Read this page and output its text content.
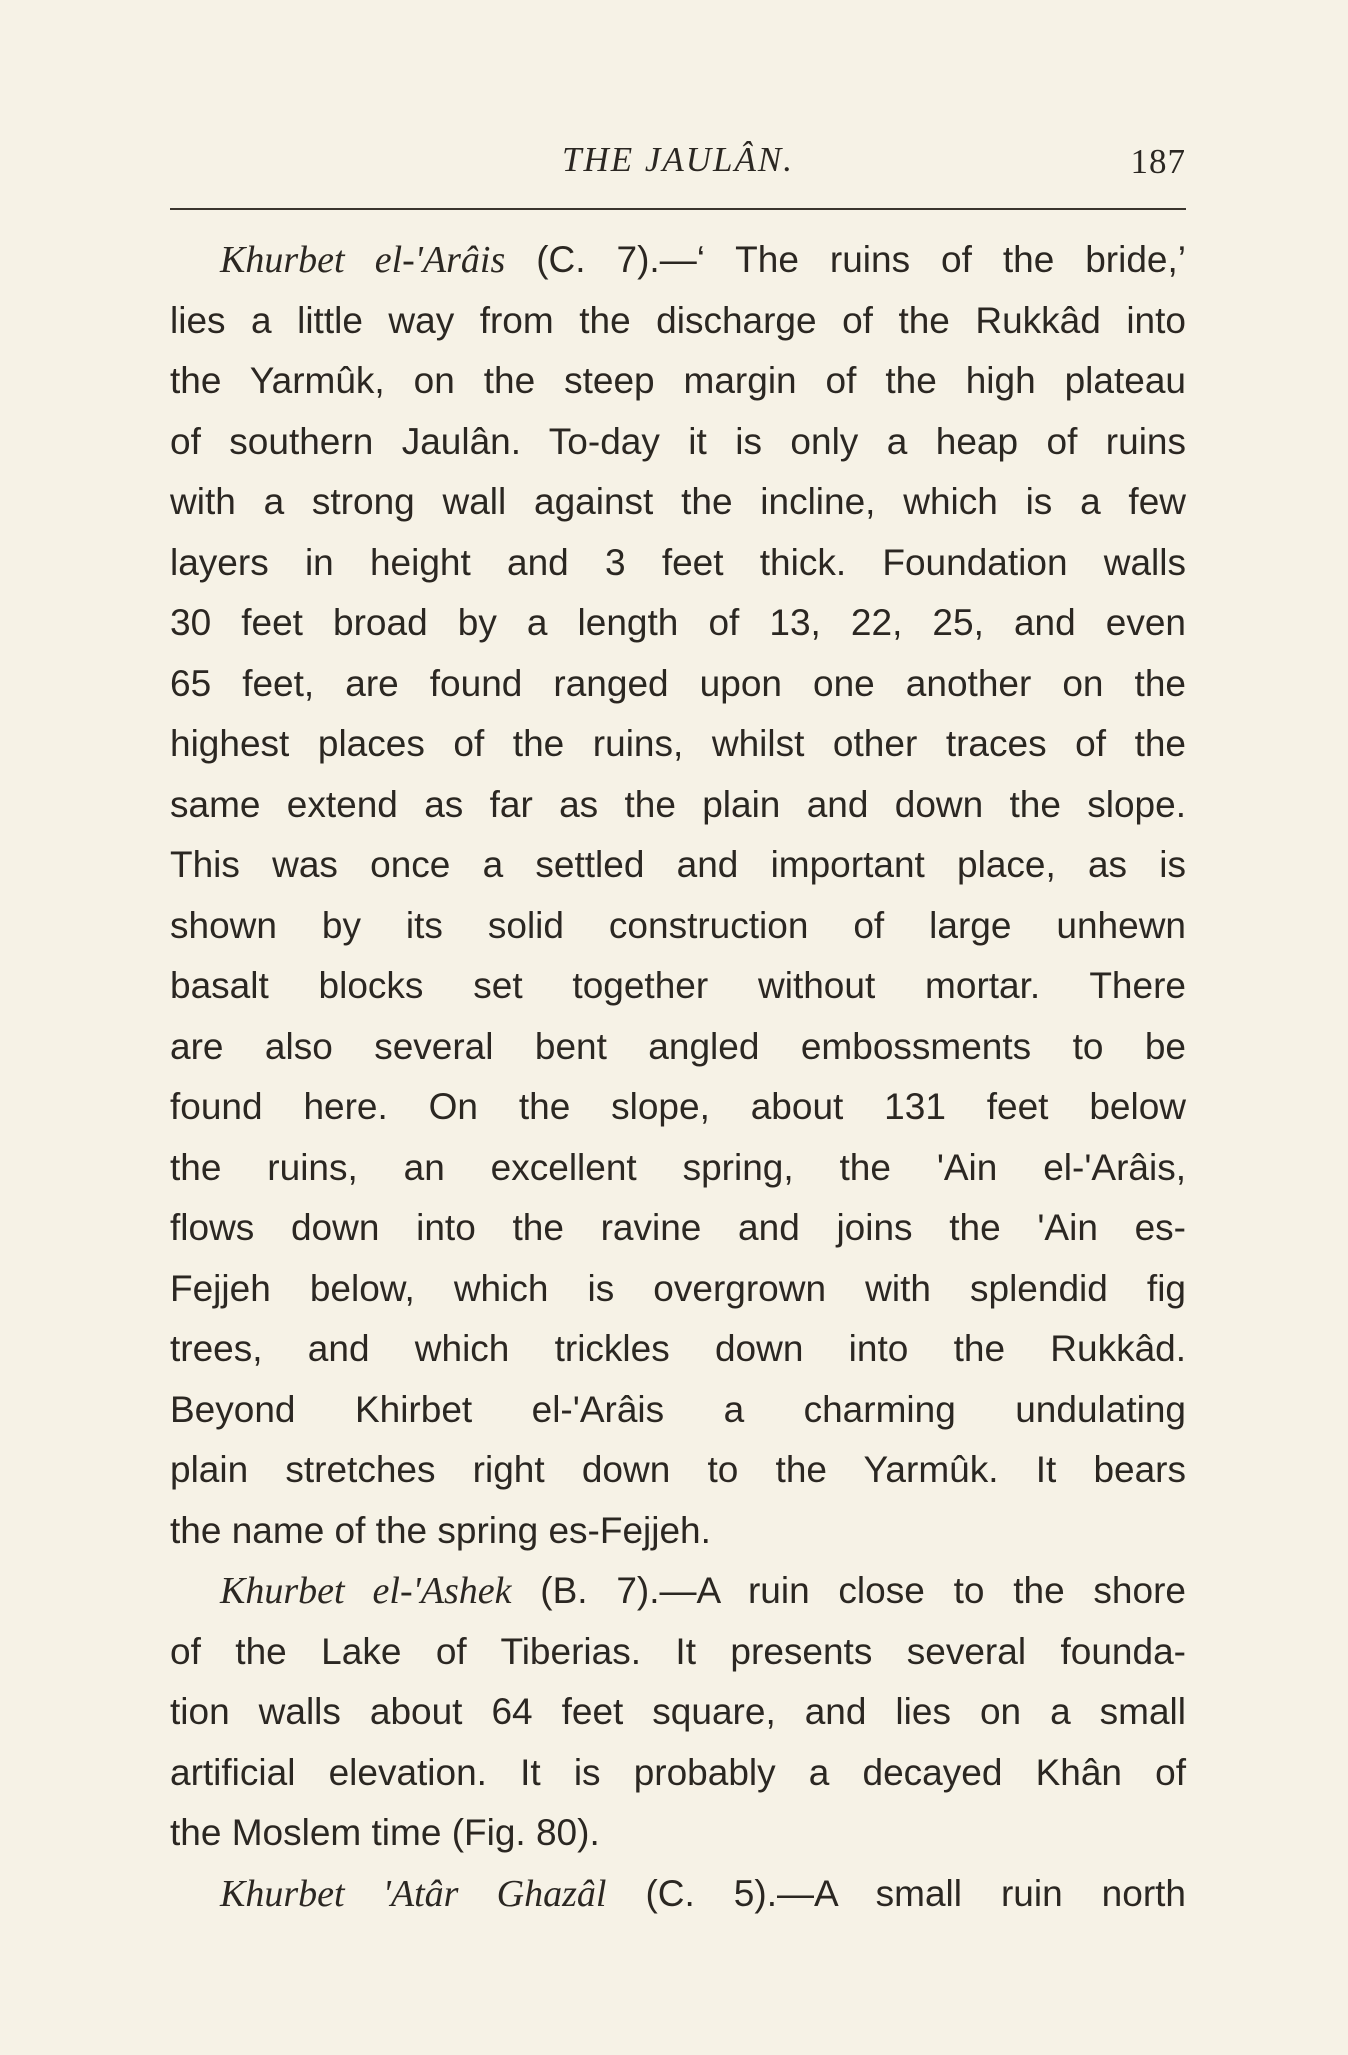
THE JAULÂN.	187
Khurbet el-'Arâis (C. 7).—‘ The ruins of the bride,’
lies a little way from the discharge of the Rukkâd into
the Yarmûk, on the steep margin of the high plateau
of southern Jaulân. To-day it is only a heap of ruins
with a strong wall against the incline, which is a few
layers in height and 3 feet thick. Foundation walls
30 feet broad by a length of 13, 22, 25, and even
65 feet, are found ranged upon one another on the
highest places of the ruins, whilst other traces of the
same extend as far as the plain and down the slope.
This was once a settled and important place, as is
shown by its solid construction of large unhewn
basalt blocks set together without mortar. There
are also several bent angled embossments to be
found here. On the slope, about 131 feet below
the ruins, an excellent spring, the 'Ain el-'Arâis,
flows down into the ravine and joins the 'Ain es-
Fejjeh below, which is overgrown with splendid fig
trees, and which trickles down into the Rukkâd.
Beyond Khirbet el-'Arâis a charming undulating
plain stretches right down to the Yarmûk. It bears
the name of the spring es-Fejjeh.
Khurbet el-'Ashek (B. 7).—A ruin close to the shore
of the Lake of Tiberias. It presents several founda-
tion walls about 64 feet square, and lies on a small
artificial elevation. It is probably a decayed Khân of
the Moslem time (Fig. 80).
Khurbet 'Atâr Ghazâl (C. 5).—A small ruin north
